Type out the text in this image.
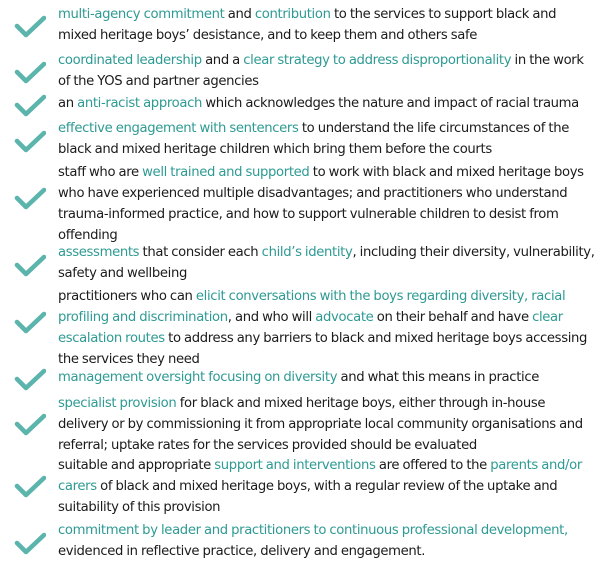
multi-agency commitment and contribution to the services to support black and mixed heritage boys’ desistance, and to keep them and others safe
coordinated leadership and a clear strategy to address disproportionality in the work of the YOS and partner agencies
an anti-racist approach which acknowledges the nature and impact of racial trauma
effective engagement with sentencers to understand the life circumstances of the black and mixed heritage children which bring them before the courts
staff who are well trained and supported to work with black and mixed heritage boys who have experienced multiple disadvantages; and practitioners who understand trauma-informed practice, and how to support vulnerable children to desist from offending
assessments that consider each child’s identity, including their diversity, vulnerability, safety and wellbeing
practitioners who can elicit conversations with the boys regarding diversity, racial profiling and discrimination, and who will advocate on their behalf and have clear escalation routes to address any barriers to black and mixed heritage boys accessing the services they need
management oversight focusing on diversity and what this means in practice
specialist provision for black and mixed heritage boys, either through in-house delivery or by commissioning it from appropriate local community organisations and referral; uptake rates for the services provided should be evaluated
suitable and appropriate support and interventions are offered to the parents and/or carers of black and mixed heritage boys, with a regular review of the uptake and suitability of this provision
commitment by leader and practitioners to continuous professional development, evidenced in reflective practice, delivery and engagement.
